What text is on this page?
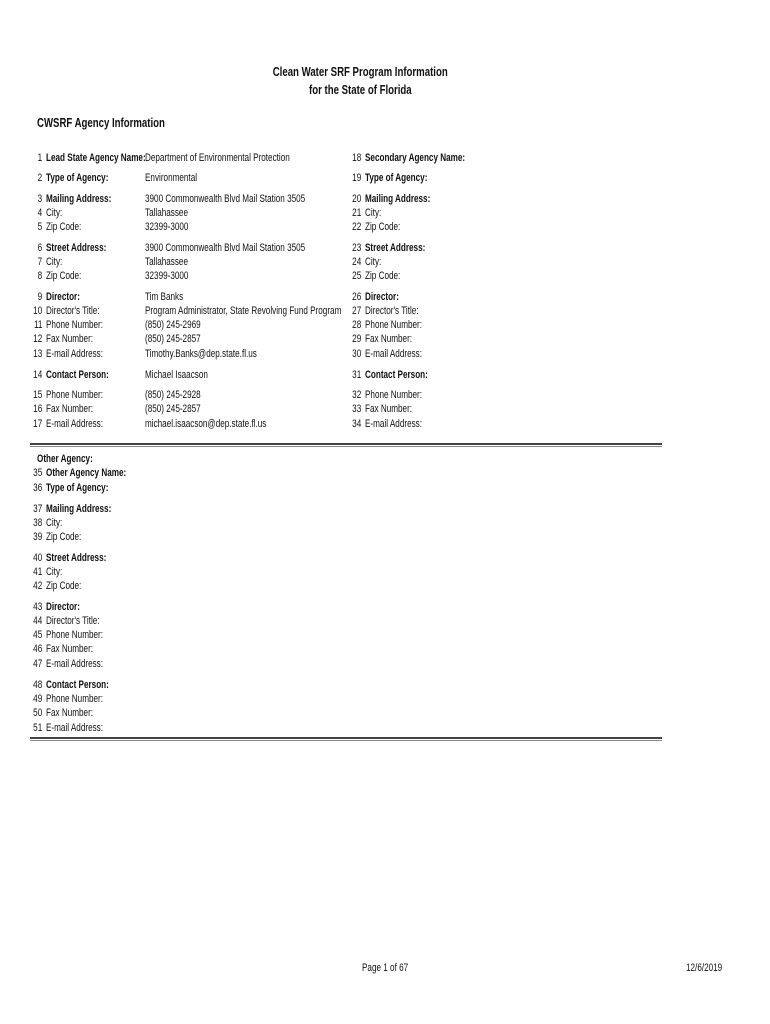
Clean Water SRF Program Information
for the State of Florida
CWSRF Agency Information
1 Lead State Agency Name: Department of Environmental Protection
2 Type of Agency:	Environmental
3 Mailing Address:	3900 Commonwealth Blvd Mail Station 3505
4 City:	Tallahassee
5 Zip Code:	32399-3000
6 Street Address:	3900 Commonwealth Blvd Mail Station 3505
7 City:	Tallahassee
8 Zip Code:	32399-3000
9 Director:	Tim Banks
10 Director's Title:	Program Administrator, State Revolving Fund Program
11 Phone Number:	(850) 245-2969
12 Fax Number:	(850) 245-2857
13 E-mail Address:	Timothy.Banks@dep.state.fl.us
14 Contact Person:	Michael Isaacson
15 Phone Number:	(850) 245-2928
16 Fax Number:	(850) 245-2857
17 E-mail Address:	michael.isaacson@dep.state.fl.us
18 Secondary Agency Name:
19 Type of Agency:
20 Mailing Address:
21 City:
22 Zip Code:
23 Street Address:
24 City:
25 Zip Code:
26 Director:
27 Director's Title:
28 Phone Number:
29 Fax Number:
30 E-mail Address:
31 Contact Person:
32 Phone Number:
33 Fax Number:
34 E-mail Address:
Other Agency:
35 Other Agency Name:
36 Type of Agency:
37 Mailing Address:
38 City:
39 Zip Code:
40 Street Address:
41 City:
42 Zip Code:
43 Director:
44 Director's Title:
45 Phone Number:
46 Fax Number:
47 E-mail Address:
48 Contact Person:
49 Phone Number:
50 Fax Number:
51 E-mail Address:
Page 1 of 67	12/6/2019
